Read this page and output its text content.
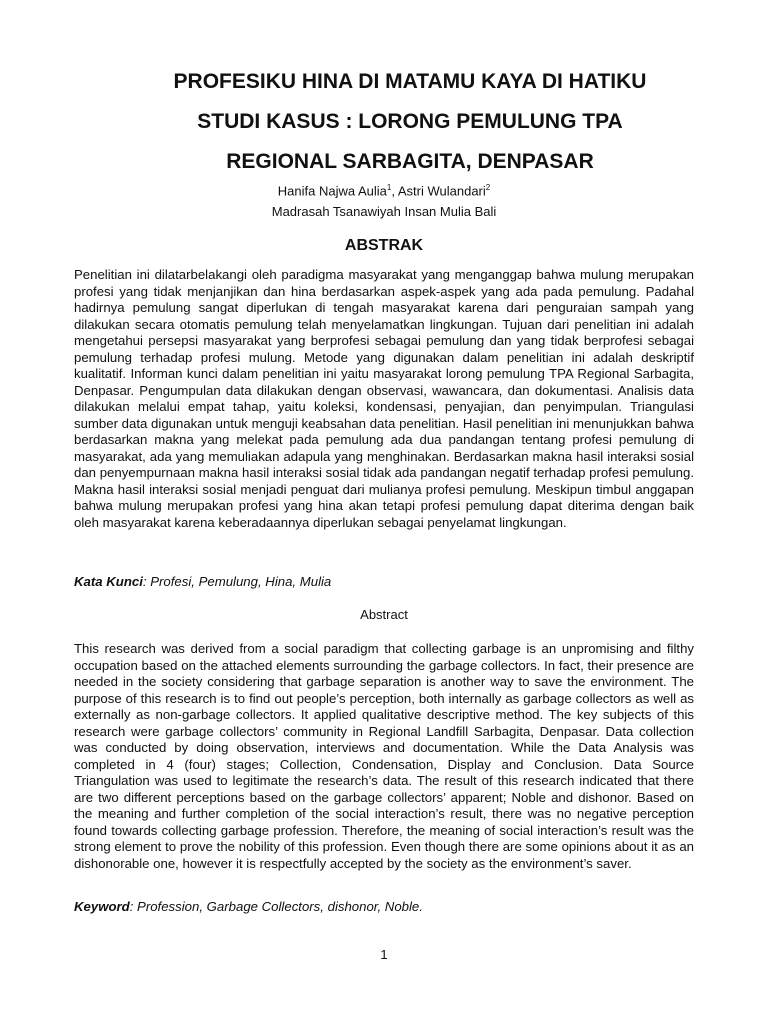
PROFESIKU HINA DI MATAMU KAYA DI HATIKU
STUDI KASUS : LORONG PEMULUNG TPA
REGIONAL SARBAGITA, DENPASAR
Hanifa Najwa Aulia$^1$, Astri Wulandari$^2$
Madrasah Tsanawiyah Insan Mulia Bali
ABSTRAK
Penelitian ini dilatarbelakangi oleh paradigma masyarakat yang menganggap bahwa mulung merupakan profesi yang tidak menjanjikan dan hina berdasarkan aspek-aspek yang ada pada pemulung. Padahal hadirnya pemulung sangat diperlukan di tengah masyarakat karena dari penguraian sampah yang dilakukan secara otomatis pemulung telah menyelamatkan lingkungan. Tujuan dari penelitian ini adalah mengetahui persepsi masyarakat yang berprofesi sebagai pemulung dan yang tidak berprofesi sebagai pemulung terhadap profesi mulung. Metode yang digunakan dalam penelitian ini adalah deskriptif kualitatif. Informan kunci dalam penelitian ini yaitu masyarakat lorong pemulung TPA Regional Sarbagita, Denpasar. Pengumpulan data dilakukan dengan observasi, wawancara, dan dokumentasi. Analisis data dilakukan melalui empat tahap, yaitu koleksi, kondensasi, penyajian, dan penyimpulan. Triangulasi sumber data digunakan untuk menguji keabsahan data penelitian. Hasil penelitian ini menunjukkan bahwa berdasarkan makna yang melekat pada pemulung ada dua pandangan tentang profesi pemulung di masyarakat, ada yang memuliakan adapula yang menghinakan. Berdasarkan makna hasil interaksi sosial dan penyempurnaan makna hasil interaksi sosial tidak ada pandangan negatif terhadap profesi pemulung. Makna hasil interaksi sosial menjadi penguat dari mulianya profesi pemulung. Meskipun timbul anggapan bahwa mulung merupakan profesi yang hina akan tetapi profesi pemulung dapat diterima dengan baik oleh masyarakat karena keberadaannya diperlukan sebagai penyelamat lingkungan.
Kata Kunci: Profesi, Pemulung, Hina, Mulia
Abstract
This research was derived from a social paradigm that collecting garbage is an unpromising and filthy occupation based on the attached elements surrounding the garbage collectors. In fact, their presence are needed in the society considering that garbage separation is another way to save the environment. The purpose of this research is to find out people’s perception, both internally as garbage collectors as well as externally as non-garbage collectors. It applied qualitative descriptive method. The key subjects of this research were garbage collectors’ community in Regional Landfill Sarbagita, Denpasar. Data collection was conducted by doing observation, interviews and documentation. While the Data Analysis was completed in 4 (four) stages; Collection, Condensation, Display and Conclusion. Data Source Triangulation was used to legitimate the research’s data. The result of this research indicated that there are two different perceptions based on the garbage collectors’ apparent; Noble and dishonor. Based on the meaning and further completion of the social interaction’s result, there was no negative perception found towards collecting garbage profession. Therefore, the meaning of social interaction’s result was the strong element to prove the nobility of this profession. Even though there are some opinions about it as an dishonorable one, however it is respectfully accepted by the society as the environment’s saver.
Keyword: Profession, Garbage Collectors, dishonor, Noble.
1
